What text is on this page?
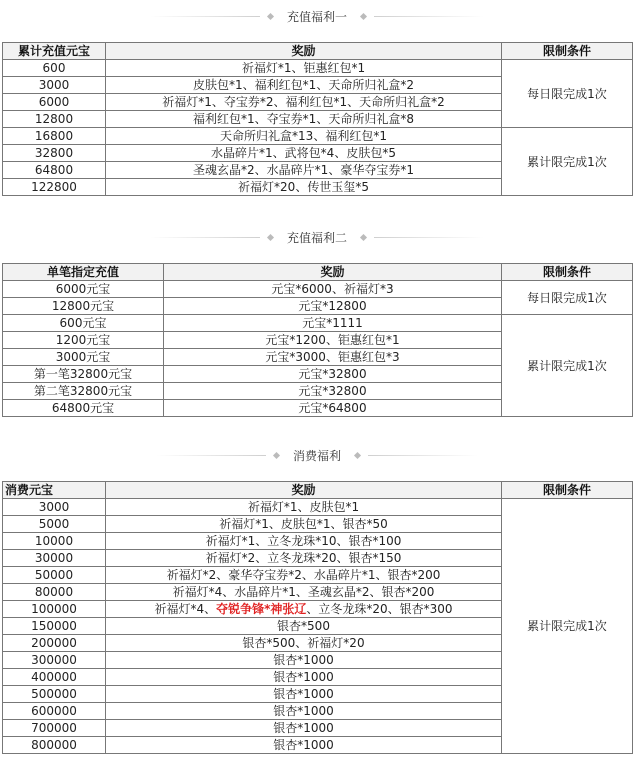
充值福利一
累计充值元宝	奖励	限制条件
600	祈福灯*1、钜惠红包*1	每日限完成1次
3000	皮肤包*1、福利红包*1、天命所归礼盒*2	
6000	祈福灯*1、夺宝券*2、福利红包*1、天命所归礼盒*2	
12800	福利红包*1、夺宝券*1、天命所归礼盒*8	
16800	天命所归礼盒*13、福利红包*1	累计限完成1次
32800	水晶碎片*1、武将包*4、皮肤包*5	
64800	圣魂玄晶*2、水晶碎片*1、豪华夺宝券*1	
122800	祈福灯*20、传世玉玺*5	
充值福利二
单笔指定充值	奖励	限制条件
6000元宝	元宝*6000、祈福灯*3	每日限完成1次
12800元宝	元宝*12800	
600元宝	元宝*1111	累计限完成1次
1200元宝	元宝*1200、钜惠红包*1	
3000元宝	元宝*3000、钜惠红包*3	
第一笔32800元宝	元宝*32800	
第二笔32800元宝	元宝*32800	
64800元宝	元宝*64800	
消费福利
消费元宝	奖励	限制条件
3000	祈福灯*1、皮肤包*1	累计限完成1次
5000	祈福灯*1、皮肤包*1、银杏*50	
10000	祈福灯*1、立冬龙珠*10、银杏*100	
30000	祈福灯*2、立冬龙珠*20、银杏*150	
50000	祈福灯*2、豪华夺宝券*2、水晶碎片*1、银杏*200	
80000	祈福灯*4、水晶碎片*1、圣魂玄晶*2、银杏*200	
100000	祈福灯*4、夺锐争锋*神张辽、立冬龙珠*20、银杏*300	
150000	银杏*500	
200000	银杏*500、祈福灯*20	
300000	银杏*1000	
400000	银杏*1000	
500000	银杏*1000	
600000	银杏*1000	
700000	银杏*1000	
800000	银杏*1000	
